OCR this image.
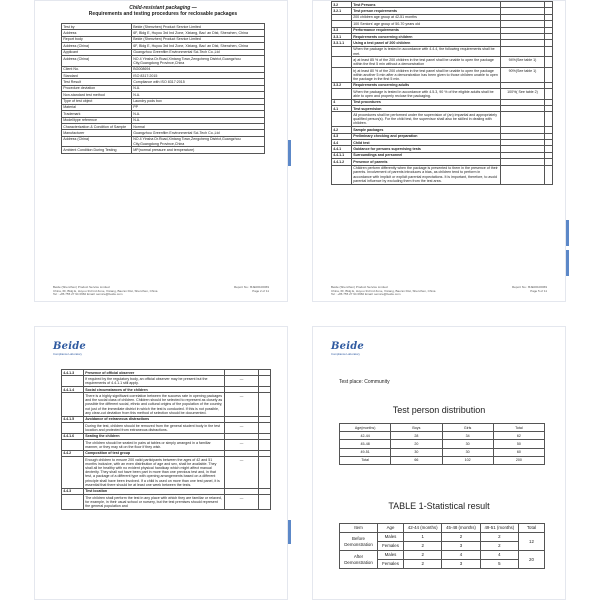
Child-resistant packaging —
Requirements and testing procedures for reclosable packages
Test by	Beide (Shenzhen) Product Service Limited
Address	6F, Bldg E, Huyou 3rd Ind Zone, Xixiang, Bao' an Dist, Shenzhen, China
Report body	Beide (Shenzhen) Product Service Limited
Address (China)	6F, Bldg E, Huyou 3rd Ind Zone, Xixiang, Bao' an Dist, Shenzhen, China
Applicant	Guangzhou Greenfilm Environmental Sci-Tech Co.,Ltd
Address (China)	NO.4 Yinsha Dr.Road,Xintang Town,Zengcheng District,Guangzhou City,Guangdong Province,China
Client No.	BG008694
Standard	ISO 8317:2015
Test Result	Compliance with ISO 8317:2015
Procedure deviation	N.A.
Non-standard test method	N.A.
Type of test object	Laundry pods box
Material	PP
Trademark	N.A.
Model/type reference	N.A.
Characterization & Condition of Sample	Normal
Manufacturer	Guangzhou Greenfilm Environmental Sci-Tech Co.,Ltd
Address (China)	NO.4 Yinsha Dr.Road,Xintang Town,Zengcheng District,Guangzhou City,Guangdong Province,China
Ambient Condition During Testing	MP(normal pressure and temperature)
Beide (Shenzhen) Product Service Limited
China, 6F, Bldg E, Huyou 3rd Ind Zone, Xixiang, Bao'an Dist, Shenzhen, China
Tel : +86 755 27 94 0960 Email: service@beide.com
Report No.: BJE00100069
Page 2 of 11
3.2	Test Persons		
3.2.1	Test person requirements		
	200 children age group at 42-51 months		
	100 Seniors' age group of 50-70 years old		
3.3	Performance requirements		
3.3.1	Requirements concerning children		
3.3.1.1	Using a test panel of 200 children		
	When the package is tested in accordance with 4.4.4, the following requirements shall be met.		
	a) at least 85 % of the 200 children in the test panel shall be unable to open the package within the first 5 min without a demonstration	94%(See table 1)	
	b) at least 80 % of the 200 children in the test panel shall be unable to open the package within another 5 min after a demonstration has been given to those children unable to open the package in the first 5 min.	90%(See table 1)	
3.3.2	Requirements concerning adults		
	When the package is tested in accordance with 4.5.3, 90 % of the eligible adults shall be able to open and properly reclose the packaging.	100%( See table 2)	
4	Test procedures		
4.1	Test supervision		
	All procedures shall be performed under the supervision of (an) impartial and appropriately qualified person(s). For the child test, the supervisor shall also be skilled in dealing with children.		
4.2	Sample packages		
4.3	Preliminary checking and preparation		
4.4	Child test		
4.4.1	Guidance for persons supervising tests		
4.4.1.1	Surroundings and personnel		
4.4.1.2	Presence of parents		
	Children perform differently when the package is presented to them in the presence of their parents. Involvement of parents introduces a bias, as children tend to perform in accordance with implicit or explicit parental expectations. It is important, therefore, to avoid parental influence by excluding them from the test area.		
Beide (Shenzhen) Product Service Limited
China, 6F, Bldg E, Huyou 3rd Ind Zone, Xixiang, Bao'an Dist, Shenzhen, China
Tel : +86 755 27 94 0960 Email: service@beide.com
Report No.: BJE00100069
Page 5 of 11
Beide
Compliance Laboratory
4.4.1.3	Presence of official observer		
	If required by the regulatory body, an official observer may be present but the requirements of 4.4.1.1 still apply.	—	
4.4.1.4	Social circumstances of the children		
	There is a highly significant correlation between the success rate in opening packages and the social class of children. Children should be selected to represent as closely as possible the different social, ethnic and cultural origins of the population of the country, not just of the immediate district in which the test is conducted. If this is not possible, any clear-cut deviation from this method of selection should be documented.	—	
4.4.1.5	Avoidance of extraneous distractions		
	During the test, children should be removed from the general student body in the test location and protected from extraneous distractions.	—	
4.4.1.6	Seating the children		
	The children should be seated in pairs at tables or simply arranged in a familiar manner, or they may sit on the floor if they wish.	—	
4.4.2	Composition of test group		
	Enough children to ensure 200 valid participants between the ages of 42 and 51 months inclusive, with an even distribution of age and sex, shall be available. They shall all be healthy with no evident physical handicap which might affect manual dexterity. They shall not have been part in more than one previous test and, in that test, a package of a different type with opening arrangements based on a different principle shall have been involved. If a child is used on more than one test panel, it is essential that there should be at least one week between the tests.	—	
4.4.3	Test location		
	The children shall perform the test in any place with which they are familiar or relaxed, for example, in their usual school or nursery, but the test premises should represent the general population and	—	
Beide
Compliance Laboratory
Test place: Community
Test person distribution
Age(months)	Boys	Girls	Total
42-44	28	34	62
45-48	20	30	50
49-51	30	30	60
Total	66	102	200
TABLE 1-Statistical result
Item	Age	42-44 (months)	45-48 (months)	49-51 (months)	Total
Before Demonstration	Males	1	2	2	12
	Females	2	3	2	
After Demonstration	Males	2	4	4	20
	Females	2	3	5	
